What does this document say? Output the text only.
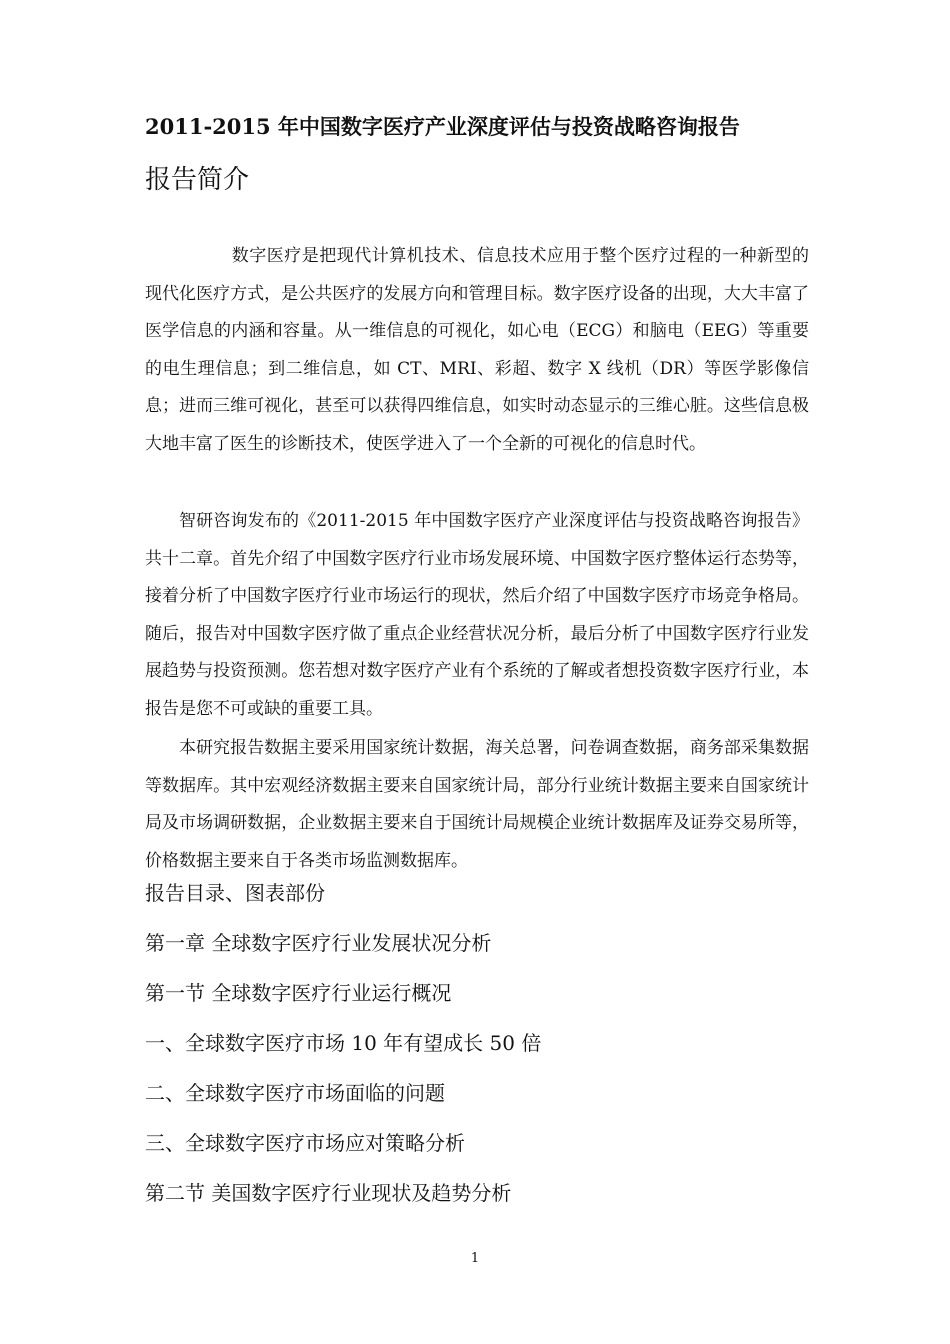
2011-2015 年中国数字医疗产业深度评估与投资战略咨询报告
报告简介

数字医疗是把现代计算机技术、信息技术应用于整个医疗过程的一种新型的现代化医疗方式，是公共医疗的发展方向和管理目标。数字医疗设备的出现，大大丰富了医学信息的内涵和容量。从一维信息的可视化，如心电（ECG）和脑电（EEG）等重要的电生理信息；到二维信息，如 CT、MRI、彩超、数字 X 线机（DR）等医学影像信息；进而三维可视化，甚至可以获得四维信息，如实时动态显示的三维心脏。这些信息极大地丰富了医生的诊断技术，使医学进入了一个全新的可视化的信息时代。

智研咨询发布的《2011-2015 年中国数字医疗产业深度评估与投资战略咨询报告》共十二章。首先介绍了中国数字医疗行业市场发展环境、中国数字医疗整体运行态势等，接着分析了中国数字医疗行业市场运行的现状，然后介绍了中国数字医疗市场竞争格局。随后，报告对中国数字医疗做了重点企业经营状况分析，最后分析了中国数字医疗行业发展趋势与投资预测。您若想对数字医疗产业有个系统的了解或者想投资数字医疗行业，本报告是您不可或缺的重要工具。

本研究报告数据主要采用国家统计数据，海关总署，问卷调查数据，商务部采集数据等数据库。其中宏观经济数据主要来自国家统计局，部分行业统计数据主要来自国家统计局及市场调研数据，企业数据主要来自于国统计局规模企业统计数据库及证券交易所等，价格数据主要来自于各类市场监测数据库。

报告目录、图表部份
第一章 全球数字医疗行业发展状况分析
第一节 全球数字医疗行业运行概况
一、全球数字医疗市场 10 年有望成长 50 倍
二、全球数字医疗市场面临的问题
三、全球数字医疗市场应对策略分析
第二节 美国数字医疗行业现状及趋势分析
1
